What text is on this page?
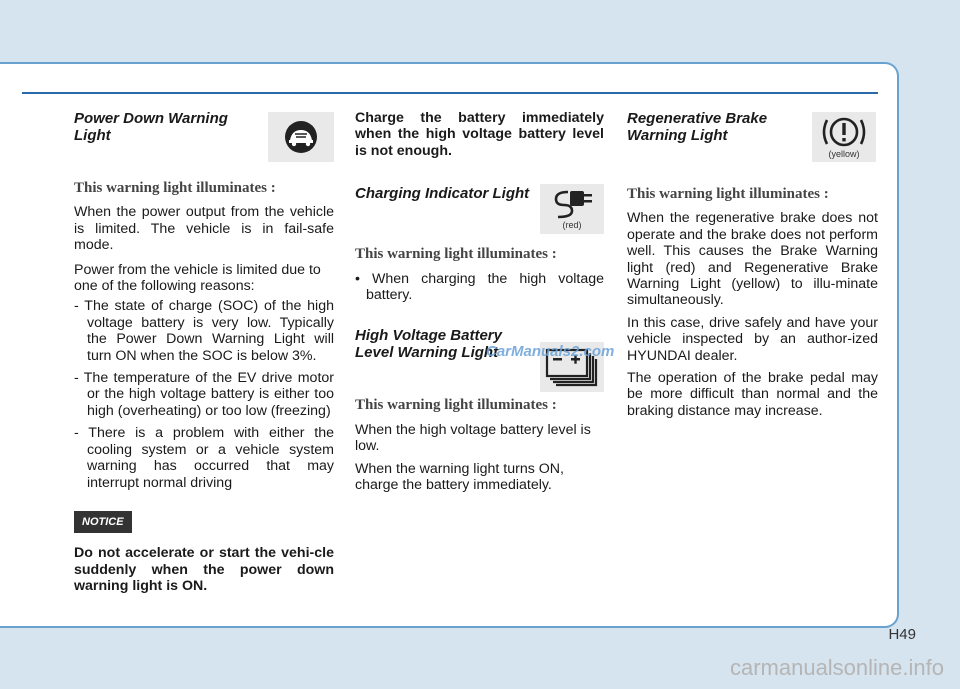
Power Down Warning Light
This warning light illuminates :

When the power output from the vehicle is limited. The vehicle is in fail-safe mode.

Power from the vehicle is limited due to one of the following reasons:

- The state of charge (SOC) of the high voltage battery is very low. Typically the Power Down Warning Light will turn ON when the SOC is below 3%.

- The temperature of the EV drive motor or the high voltage battery is either too high (overheating) or too low (freezing)

- There is a problem with either the cooling system or a vehicle system warning has occurred that may interrupt normal driving

NOTICE

Do not accelerate or start the vehi-cle suddenly when the power down warning light is ON.

Charge the battery immediately when the high voltage battery level is not enough.

Charging Indicator Light
This warning light illuminates :

• When charging the high voltage battery.

High Voltage Battery Level Warning Light
This warning light illuminates :

When the high voltage battery level is low.

When the warning light turns ON, charge the battery immediately.

(red)
CarManuals2.com
Regenerative Brake Warning Light
This warning light illuminates :

When the regenerative brake does not operate and the brake does not perform well. This causes the Brake Warning light (red) and Regenerative Brake Warning Light (yellow) to illu-minate simultaneously.

In this case, drive safely and have your vehicle inspected by an author-ized HYUNDAI dealer.

The operation of the brake pedal may be more difficult than normal and the braking distance may increase.

(yellow)
H49
carmanualsonline.info
